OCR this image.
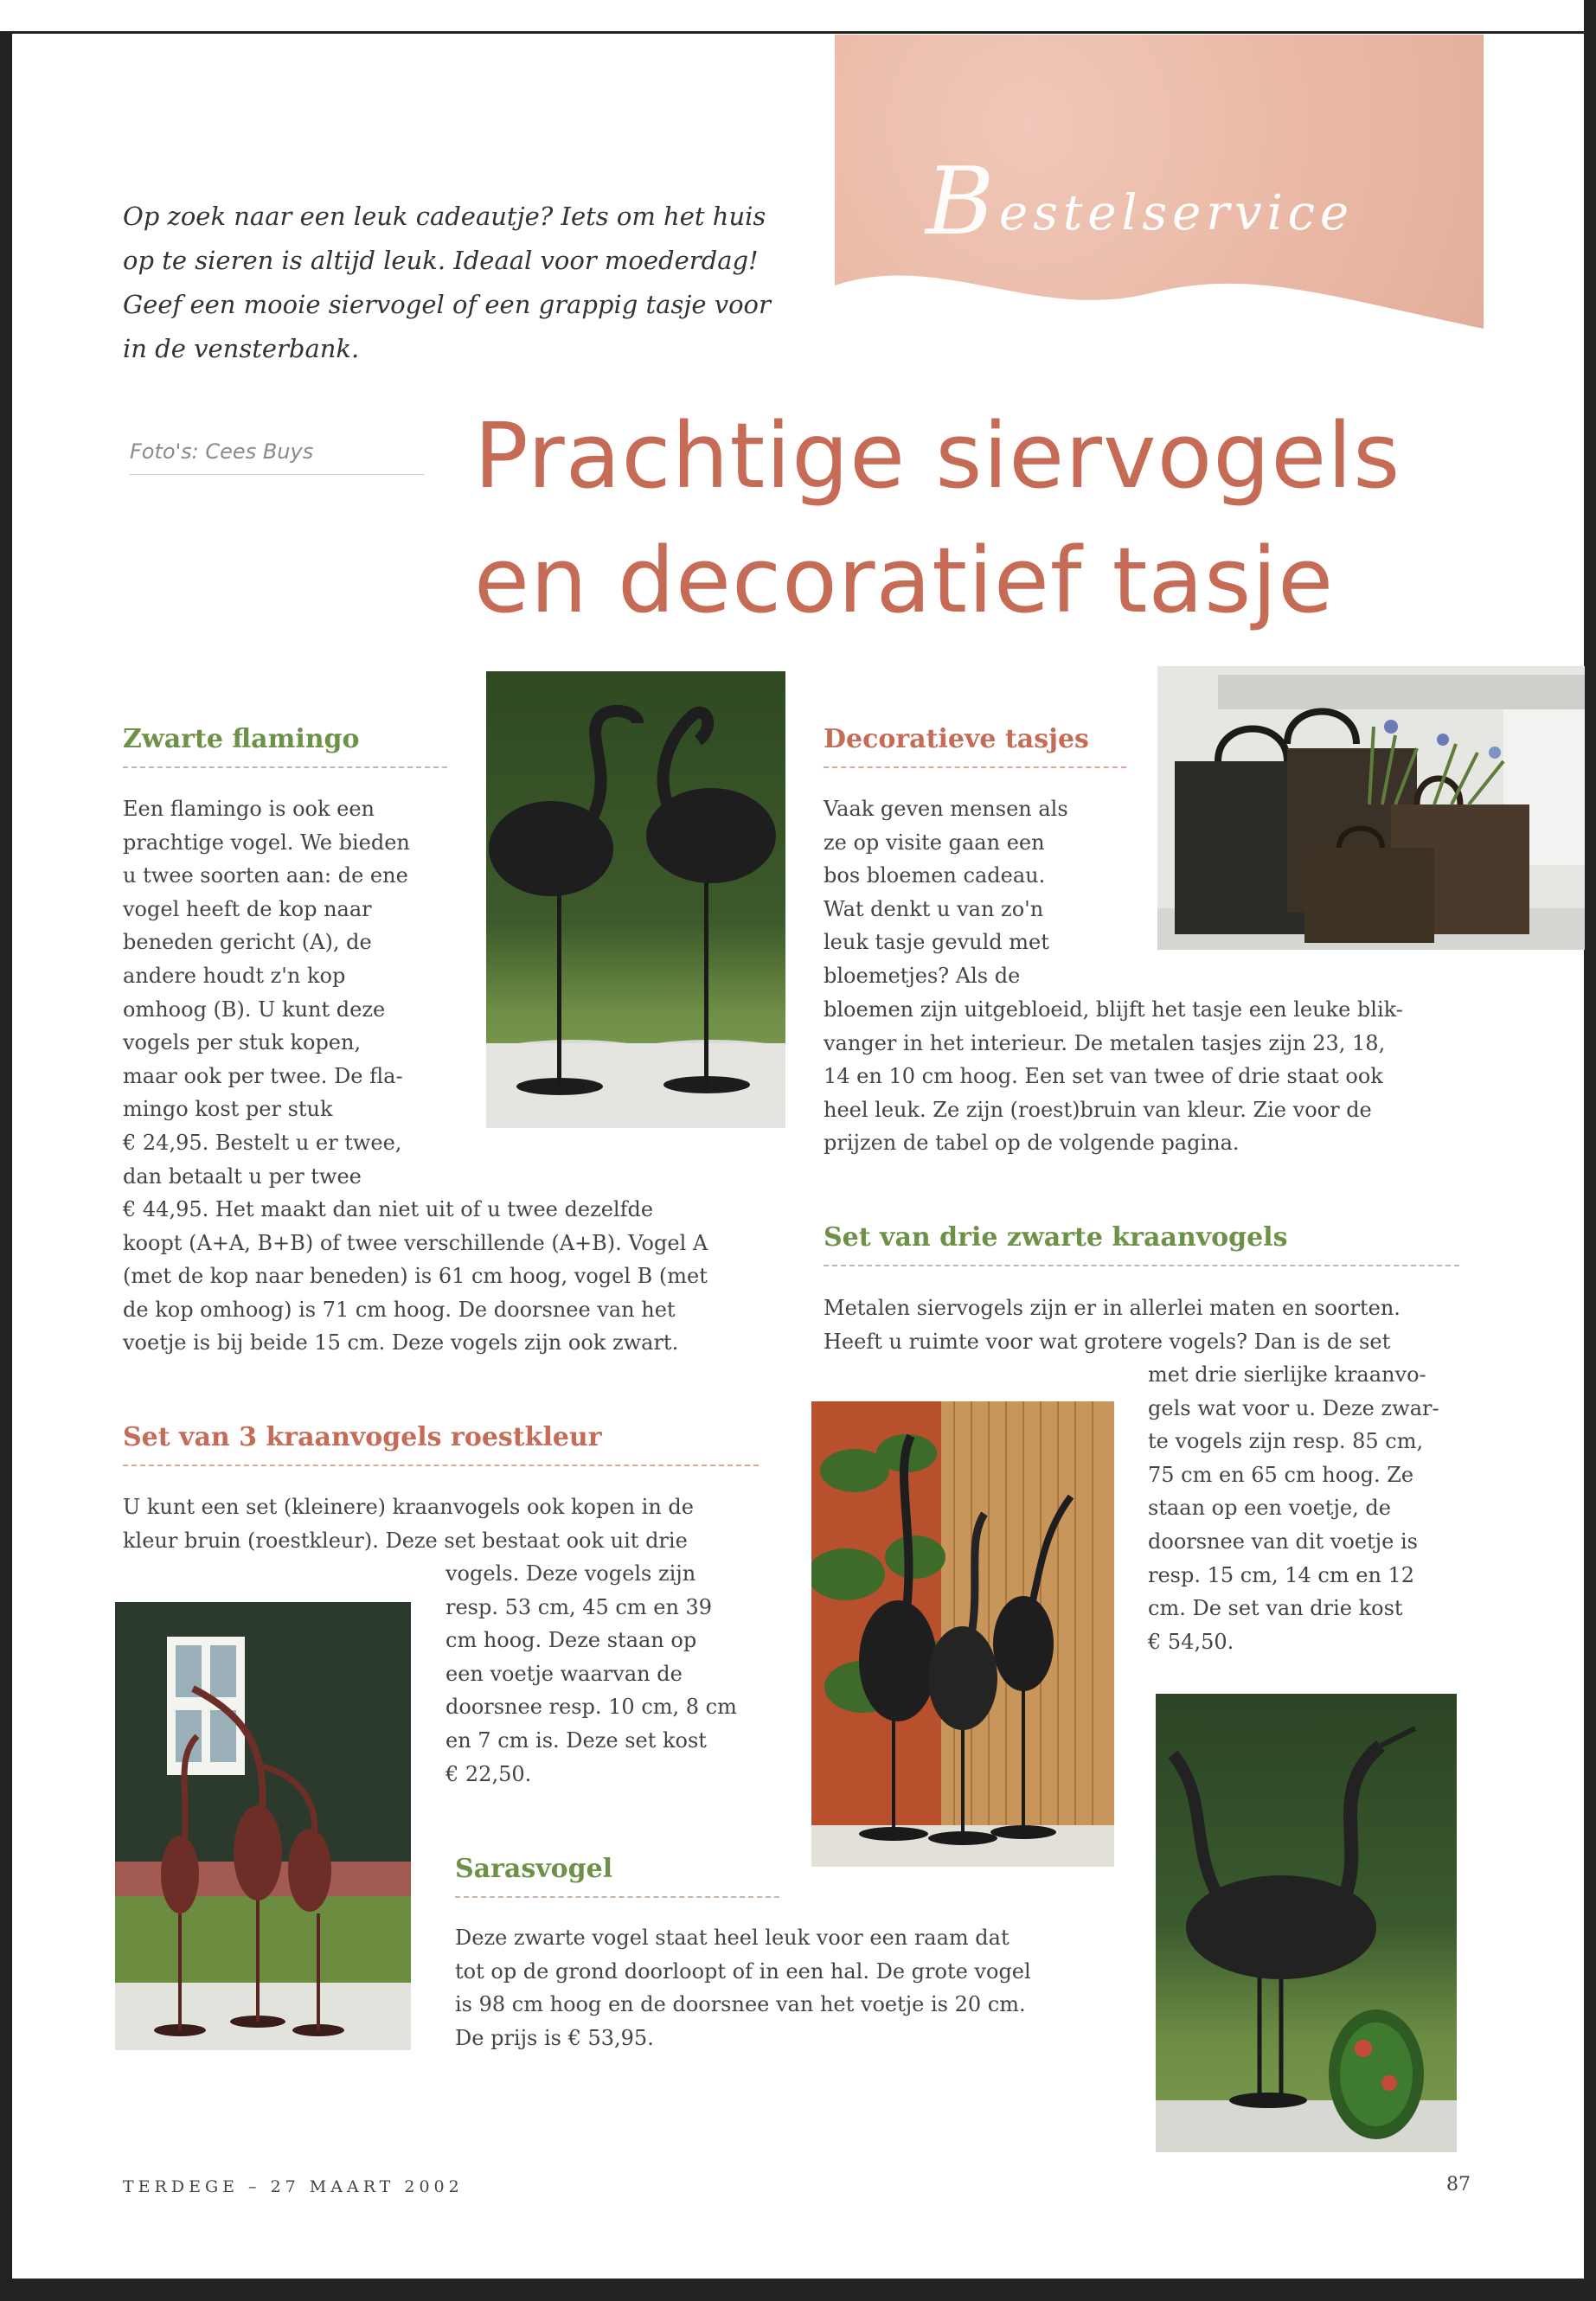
B estelservice
Op zoek naar een leuk cadeautje? Iets om het huis
op te sieren is altijd leuk. Ideaal voor moederdag!
Geef een mooie siervogel of een grappig tasje voor
in de vensterbank.
Foto's: Cees Buys	Prachtige siervogels
en decoratief tasje
Zwarte flamingo
Een flamingo is ook een
prachtige vogel. We bieden
u twee soorten aan: de ene
vogel heeft de kop naar
beneden gericht (A), de
andere houdt z'n kop
omhoog (B). U kunt deze
vogels per stuk kopen,
maar ook per twee. De fla-
mingo kost per stuk
€ 24,95. Bestelt u er twee,
dan betaalt u per twee
€ 44,95. Het maakt dan niet uit of u twee dezelfde
koopt (A+A, B+B) of twee verschillende (A+B). Vogel A
(met de kop naar beneden) is 61 cm hoog, vogel B (met
de kop omhoog) is 71 cm hoog. De doorsnee van het
voetje is bij beide 15 cm. Deze vogels zijn ook zwart.
Decoratieve tasjes
Vaak geven mensen als
ze op visite gaan een
bos bloemen cadeau.
Wat denkt u van zo'n
leuk tasje gevuld met
bloemetjes? Als de
bloemen zijn uitgebloeid, blijft het tasje een leuke blik-
vanger in het interieur. De metalen tasjes zijn 23, 18,
14 en 10 cm hoog. Een set van twee of drie staat ook
heel leuk. Ze zijn (roest)bruin van kleur. Zie voor de
prijzen de tabel op de volgende pagina.
Set van drie zwarte kraanvogels
Metalen siervogels zijn er in allerlei maten en soorten.
Heeft u ruimte voor wat grotere vogels? Dan is de set
met drie sierlijke kraanvo-
gels wat voor u. Deze zwar-
te vogels zijn resp. 85 cm,
75 cm en 65 cm hoog. Ze
staan op een voetje, de
doorsnee van dit voetje is
resp. 15 cm, 14 cm en 12
cm. De set van drie kost
€ 54,50.
Set van 3 kraanvogels roestkleur
U kunt een set (kleinere) kraanvogels ook kopen in de
kleur bruin (roestkleur). Deze set bestaat ook uit drie
vogels. Deze vogels zijn
resp. 53 cm, 45 cm en 39
cm hoog. Deze staan op
een voetje waarvan de
doorsnee resp. 10 cm, 8 cm
en 7 cm is. Deze set kost
€ 22,50.
Sarasvogel
Deze zwarte vogel staat heel leuk voor een raam dat
tot op de grond doorloopt of in een hal. De grote vogel
is 98 cm hoog en de doorsnee van het voetje is 20 cm.
De prijs is € 53,95.
TERDEGE – 27 MAART 2002	87
